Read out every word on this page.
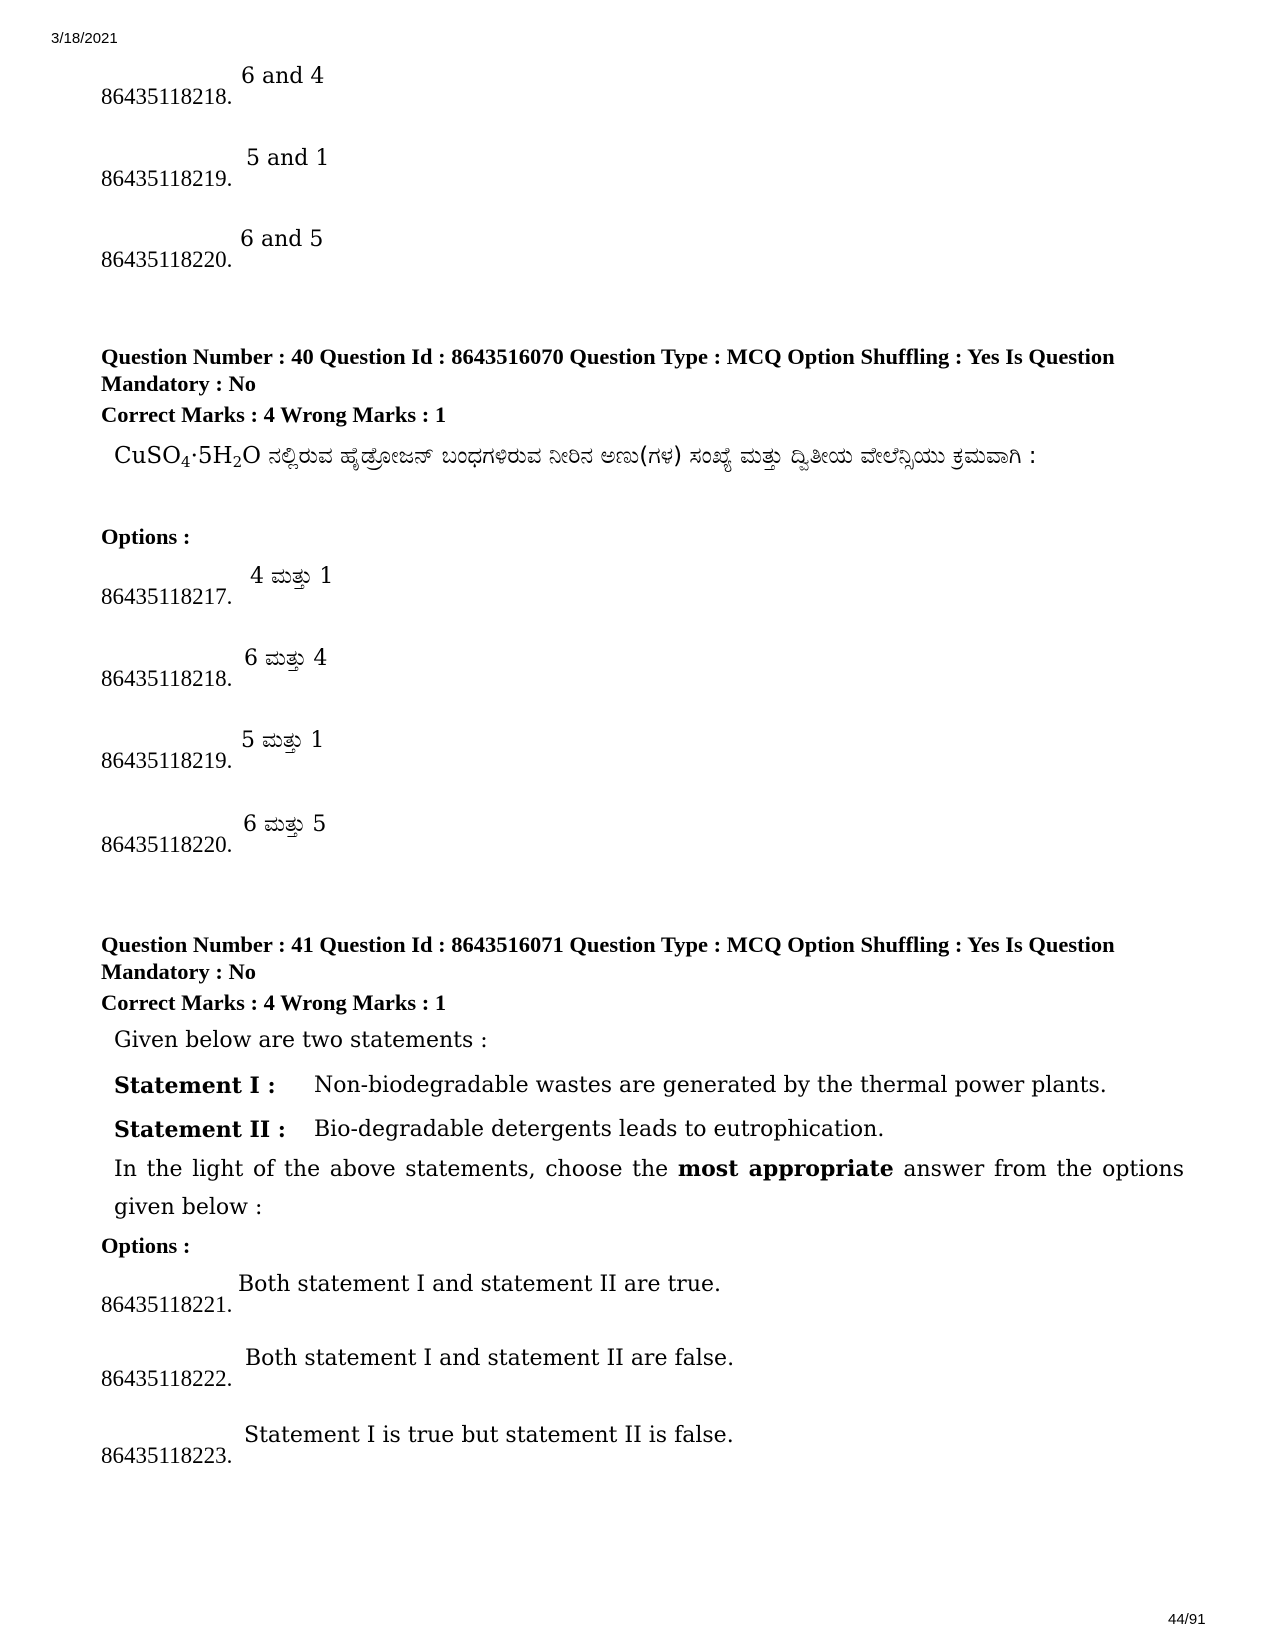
3/18/2021
86435118218.
6 and 4
86435118219.
5 and 1
86435118220.
6 and 5
Question Number : 40 Question Id : 8643516070 Question Type : MCQ Option Shuffling : Yes Is Question Mandatory : No
Correct Marks : 4 Wrong Marks : 1
$CuSO_4\cdot 5H_2O$ ನಲ್ಲಿರುವ ಹೈಡ್ರೋಜನ್ ಬಂಧಗಳಿರುವ ನೀರಿನ ಅಣು(ಗಳ) ಸಂಖ್ಯೆ ಮತ್ತು ದ್ವಿತೀಯ ವೇಲೆನ್ಸಿಯು ಕ್ರಮವಾಗಿ :
Options :
86435118217.
4 ಮತ್ತು 1
86435118218.
6 ಮತ್ತು 4
86435118219.
5 ಮತ್ತು 1
86435118220.
6 ಮತ್ತು 5
Question Number : 41 Question Id : 8643516071 Question Type : MCQ Option Shuffling : Yes Is Question Mandatory : No
Correct Marks : 4 Wrong Marks : 1
Given below are two statements :
Statement I : Non-biodegradable wastes are generated by the thermal power plants.
Statement II : Bio-degradable detergents leads to eutrophication.
In the light of the above statements, choose the most appropriate answer from the options given below :
Options :
86435118221.
Both statement I and statement II are true.
86435118222.
Both statement I and statement II are false.
86435118223.
Statement I is true but statement II is false.
44/91
